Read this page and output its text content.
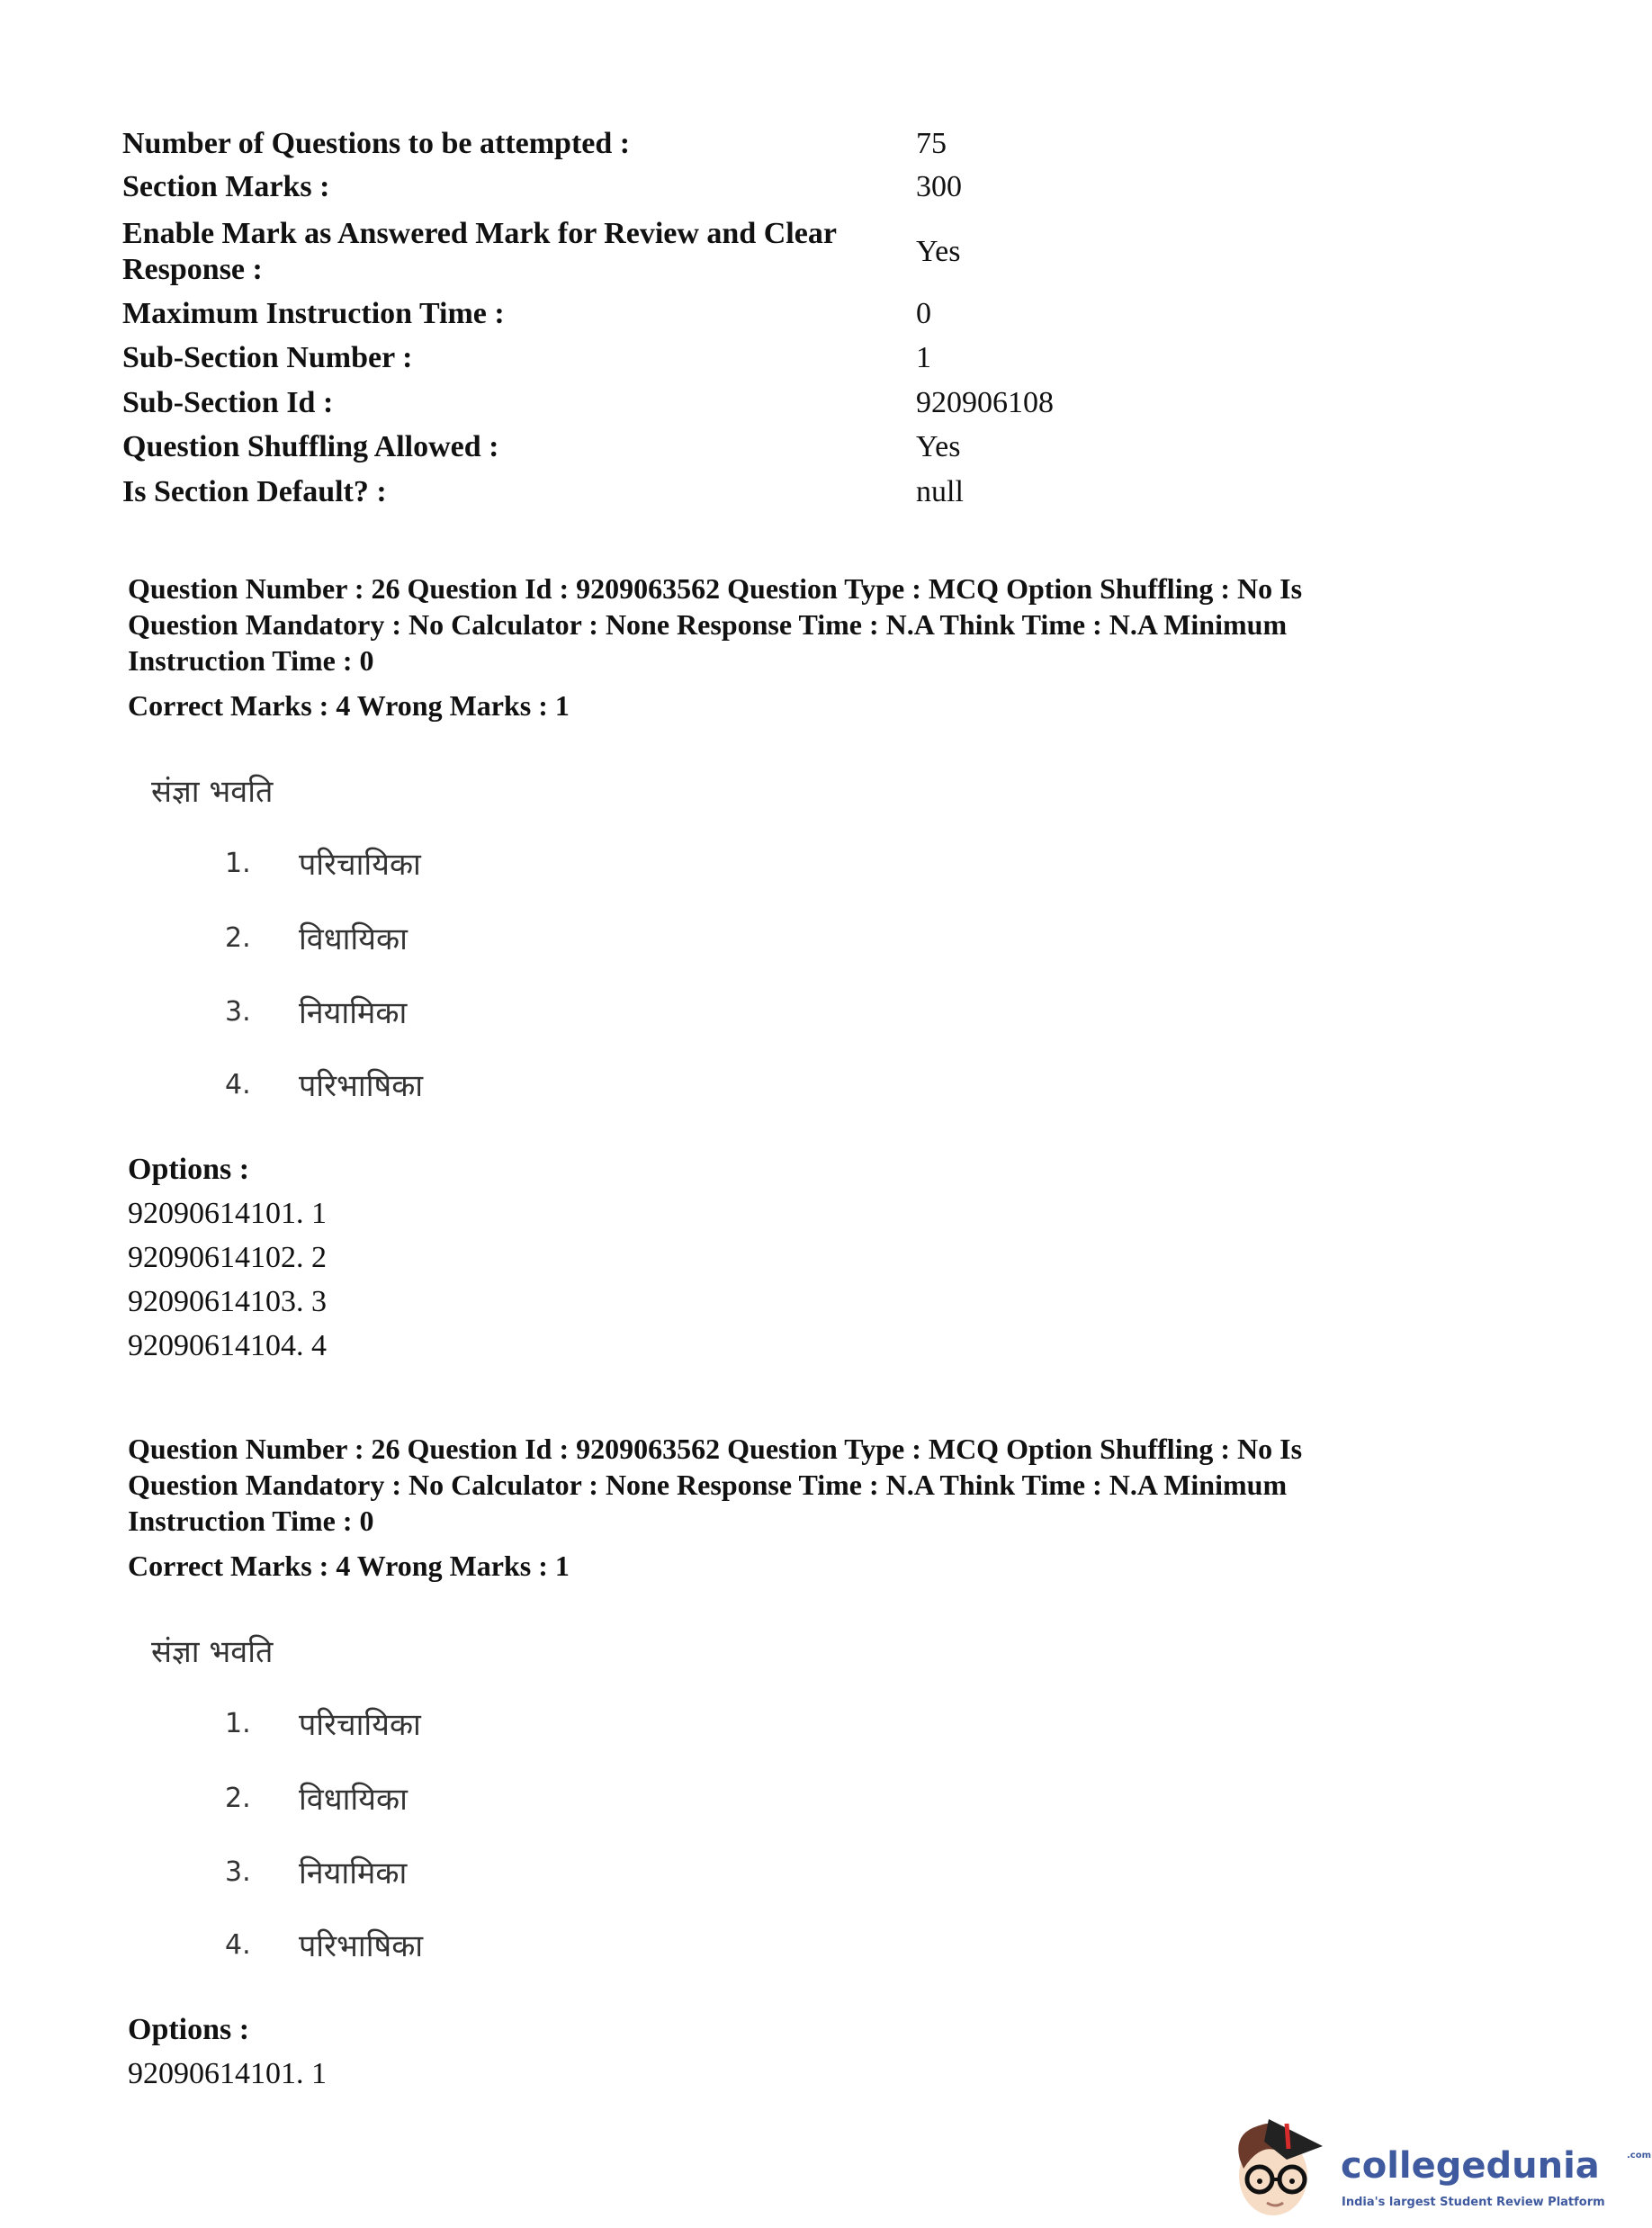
Number of Questions to be attempted :	75
Section Marks :	300
Enable Mark as Answered Mark for Review and Clear
Response :
Yes
Maximum Instruction Time :	0
Sub-Section Number :	1
Sub-Section Id :	920906108
Question Shuffling Allowed :	Yes
Is Section Default? :	null
Question Number : 26 Question Id : 9209063562 Question Type : MCQ Option Shuffling : No Is
Question Mandatory : No Calculator : None Response Time : N.A Think Time : N.A Minimum
Instruction Time : 0
Correct Marks : 4 Wrong Marks : 1
संज्ञा भवति
1. परिचायिका
2. विधायिका
3. नियामिका
4. परिभाषिका
Options :
92090614101. 1
92090614102. 2
92090614103. 3
92090614104. 4
Question Number : 26 Question Id : 9209063562 Question Type : MCQ Option Shuffling : No Is
Question Mandatory : No Calculator : None Response Time : N.A Think Time : N.A Minimum
Instruction Time : 0
Correct Marks : 4 Wrong Marks : 1
संज्ञा भवति
1. परिचायिका
2. विधायिका
3. नियामिका
4. परिभाषिका
Options :
92090614101. 1
collegedunia	.com
India's largest Student Review Platform
